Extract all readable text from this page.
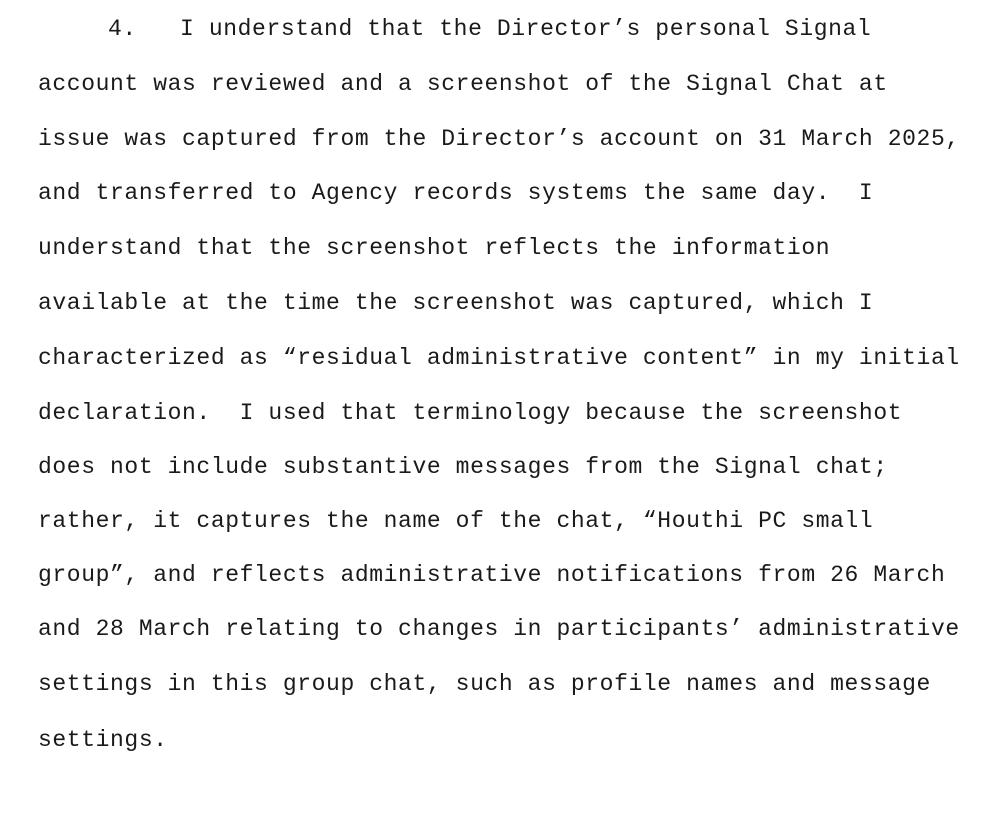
4. I understand that the Director’s personal Signal
account was reviewed and a screenshot of the Signal Chat at
issue was captured from the Director’s account on 31 March 2025,
and transferred to Agency records systems the same day.  I
understand that the screenshot reflects the information
available at the time the screenshot was captured, which I
characterized as “residual administrative content” in my initial
declaration.  I used that terminology because the screenshot
does not include substantive messages from the Signal chat;
rather, it captures the name of the chat, “Houthi PC small
group”, and reflects administrative notifications from 26 March
and 28 March relating to changes in participants’ administrative
settings in this group chat, such as profile names and message
settings.
